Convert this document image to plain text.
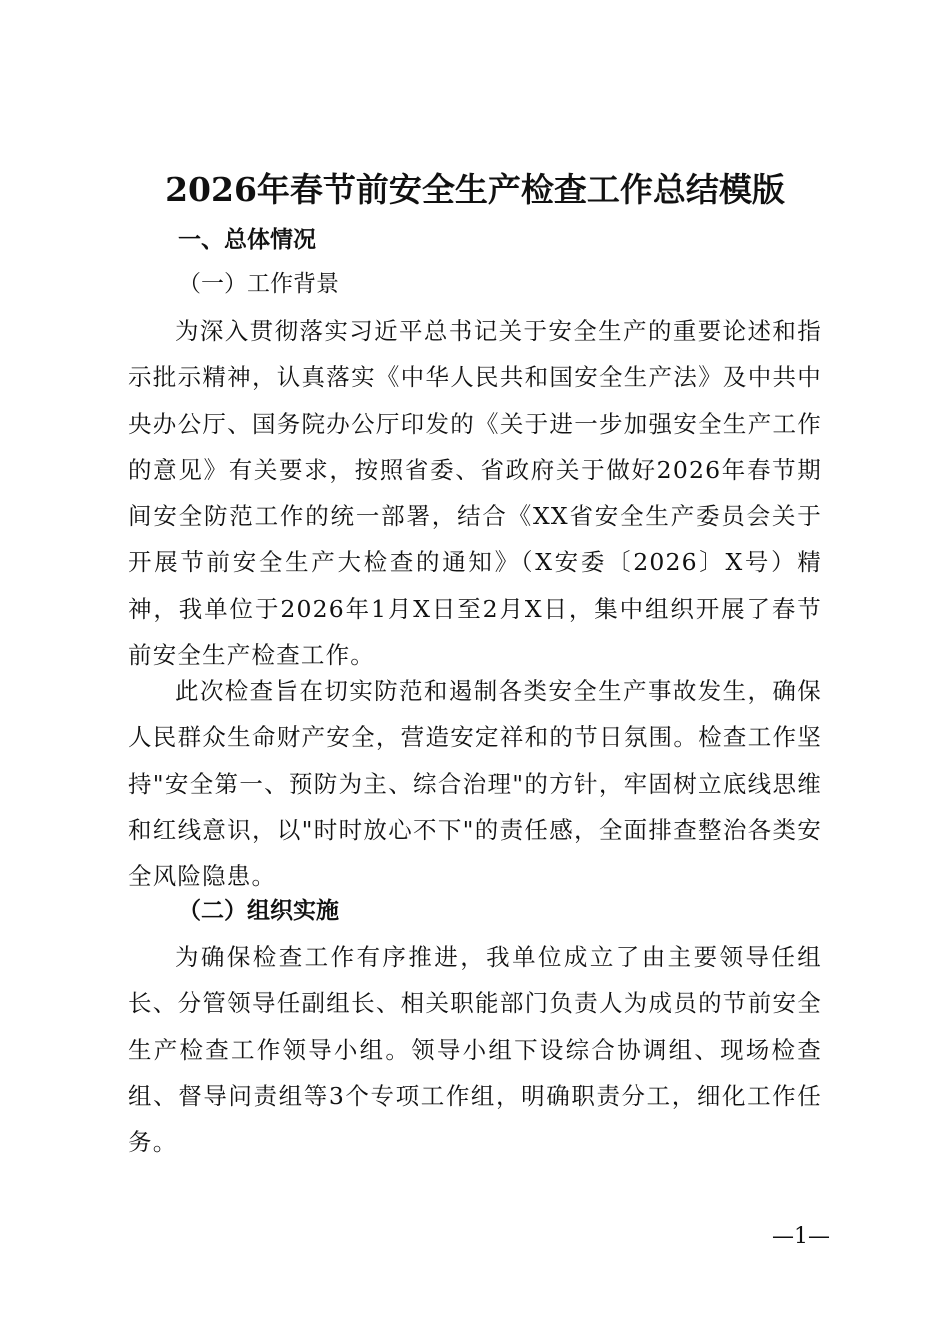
2026年春节前安全生产检查工作总结模版
一、总体情况
（一）工作背景

为深入贯彻落实习近平总书记关于安全生产的重要论述和指示批示精神，认真落实《中华人民共和国安全生产法》及中共中央办公厅、国务院办公厅印发的《关于进一步加强安全生产工作的意见》有关要求，按照省委、省政府关于做好2026年春节期间安全防范工作的统一部署，结合《XX省安全生产委员会关于开展节前安全生产大检查的通知》（X安委〔2026〕X号）精神，我单位于2026年1月X日至2月X日，集中组织开展了春节前安全生产检查工作。

此次检查旨在切实防范和遏制各类安全生产事故发生，确保人民群众生命财产安全，营造安定祥和的节日氛围。检查工作坚持"安全第一、预防为主、综合治理"的方针，牢固树立底线思维和红线意识，以"时时放心不下"的责任感，全面排查整治各类安全风险隐患。

（二）组织实施

为确保检查工作有序推进，我单位成立了由主要领导任组长、分管领导任副组长、相关职能部门负责人为成员的节前安全生产检查工作领导小组。领导小组下设综合协调组、现场检查组、督导问责组等3个专项工作组，明确职责分工，细化工作任务。

—1—
